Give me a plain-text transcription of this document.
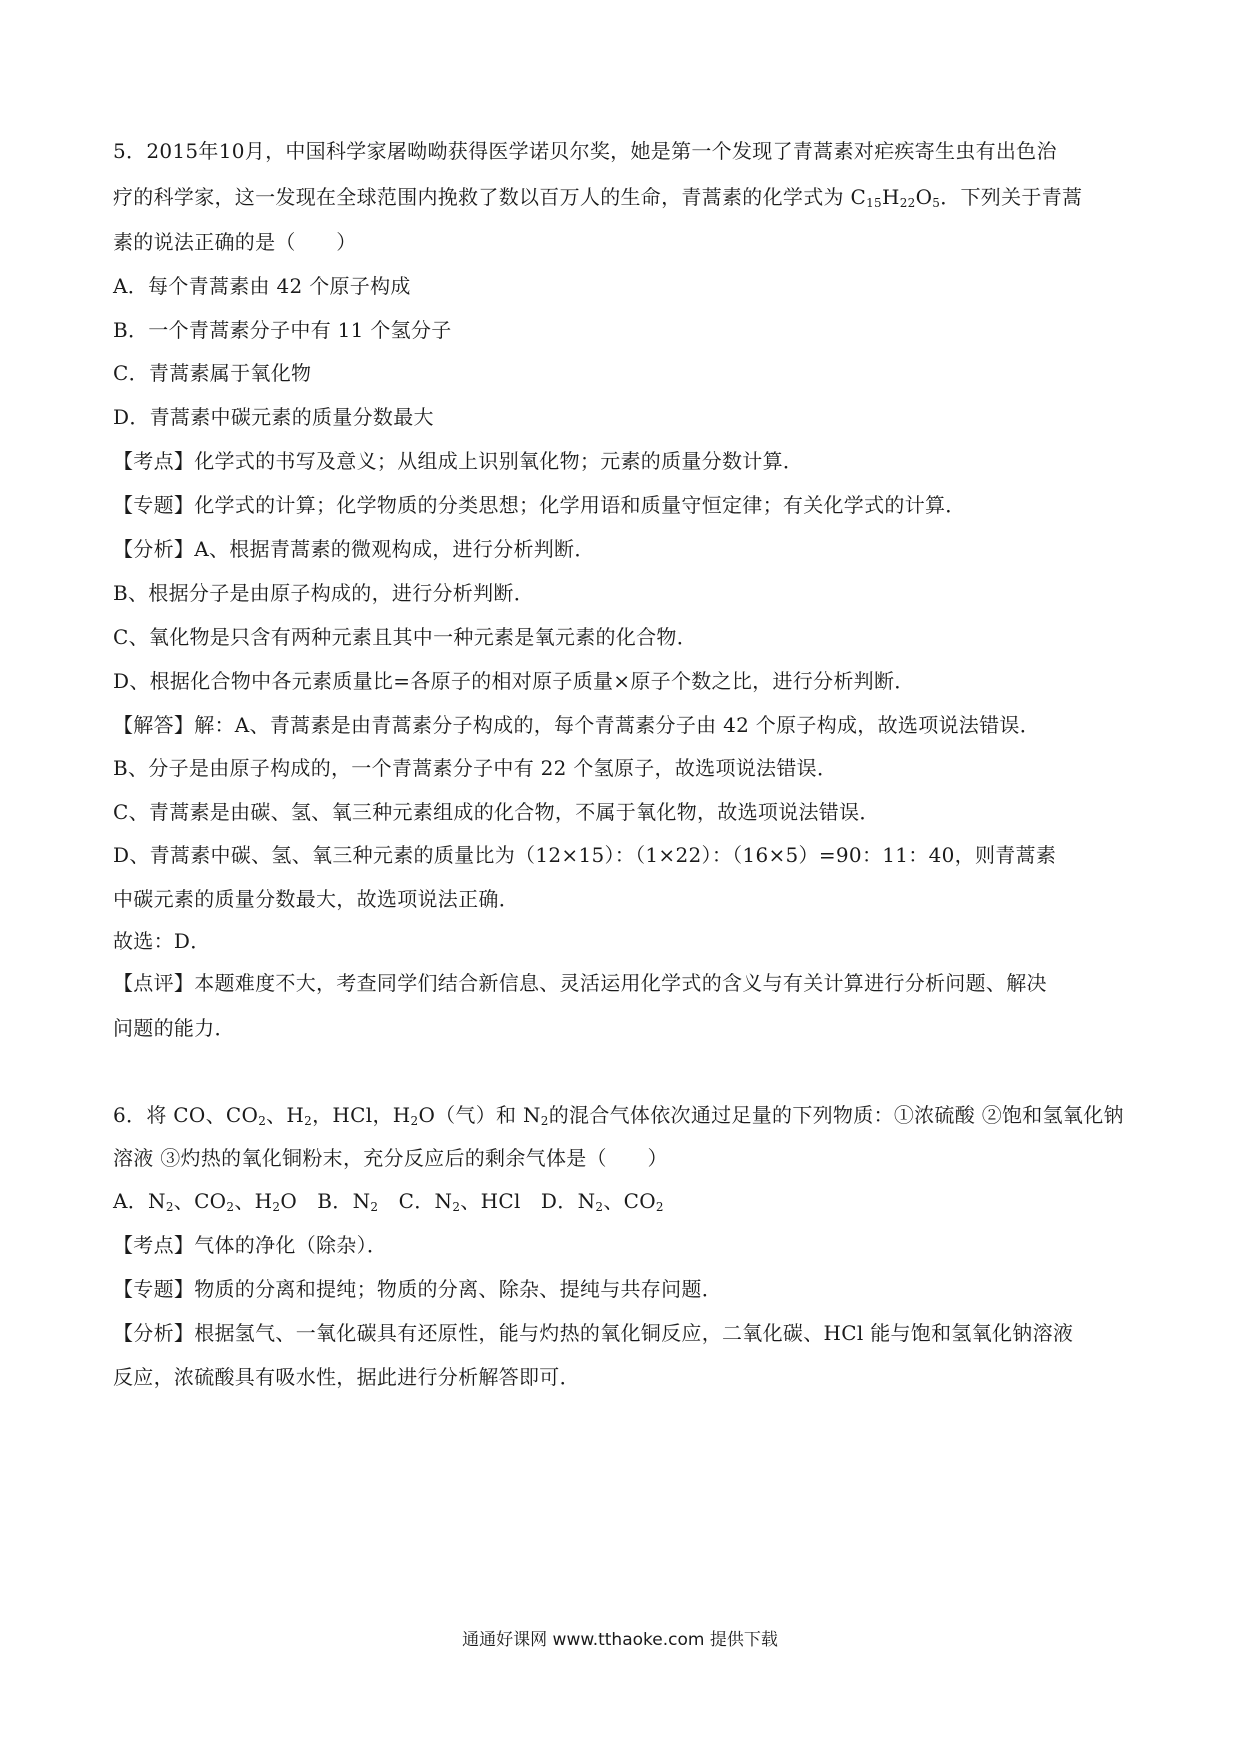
5．2015年10月，中国科学家屠呦呦获得医学诺贝尔奖，她是第一个发现了青蒿素对疟疾寄生虫有出色治
疗的科学家，这一发现在全球范围内挽救了数以百万人的生命，青蒿素的化学式为 $C_{15}H_{22}O_5$．下列关于青蒿
素的说法正确的是（　　）
A．每个青蒿素由 42 个原子构成
B．一个青蒿素分子中有 11 个氢分子
C．青蒿素属于氧化物
D．青蒿素中碳元素的质量分数最大
【考点】化学式的书写及意义；从组成上识别氧化物；元素的质量分数计算．
【专题】化学式的计算；化学物质的分类思想；化学用语和质量守恒定律；有关化学式的计算．
【分析】A、根据青蒿素的微观构成，进行分析判断．
B、根据分子是由原子构成的，进行分析判断．
C、氧化物是只含有两种元素且其中一种元素是氧元素的化合物．
D、根据化合物中各元素质量比=各原子的相对原子质量×原子个数之比，进行分析判断．
【解答】解：A、青蒿素是由青蒿素分子构成的，每个青蒿素分子由 42 个原子构成，故选项说法错误．
B、分子是由原子构成的，一个青蒿素分子中有 22 个氢原子，故选项说法错误．
C、青蒿素是由碳、氢、氧三种元素组成的化合物，不属于氧化物，故选项说法错误．
D、青蒿素中碳、氢、氧三种元素的质量比为（12×15）：（1×22）：（16×5）=90：11：40，则青蒿素
中碳元素的质量分数最大，故选项说法正确．
故选：D．
【点评】本题难度不大，考查同学们结合新信息、灵活运用化学式的含义与有关计算进行分析问题、解决
问题的能力．
6．将 CO、$CO_2$、$H_2$，HCl，$H_2O$（气）和 $N_2$的混合气体依次通过足量的下列物质：①浓硫酸 ②饱和氢氧化钠
溶液 ③灼热的氧化铜粉末，充分反应后的剩余气体是（　　）
A．$N_2$、$CO_2$、$H_2O$　B．$N_2$　C．$N_2$、HCl　D．$N_2$、$CO_2$
【考点】气体的净化（除杂）．
【专题】物质的分离和提纯；物质的分离、除杂、提纯与共存问题．
【分析】根据氢气、一氧化碳具有还原性，能与灼热的氧化铜反应，二氧化碳、HCl 能与饱和氢氧化钠溶液
反应，浓硫酸具有吸水性，据此进行分析解答即可．
通通好课网 www.tthaoke.com 提供下载
